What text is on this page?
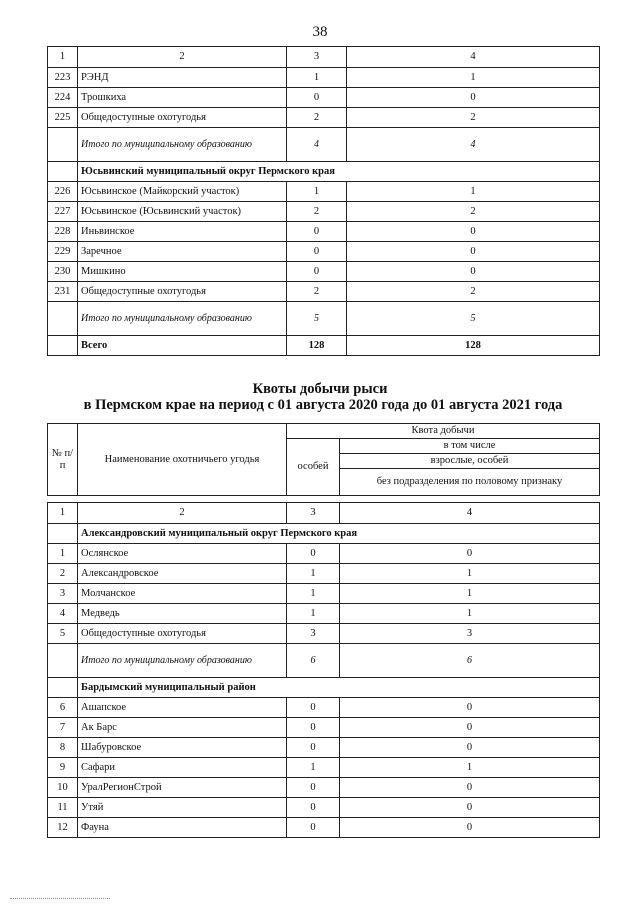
38
1	2	3	4
223	РЭНД	1	1
224	Трошкиха	0	0
225	Общедоступные охотугодья	2	2
	Итого по муниципальному образованию	4	4
	Юсьвинский муниципальный округ Пермского края		
226	Юсьвинское (Майкорский участок)	1	1
227	Юсьвинское (Юсьвинский участок)	2	2
228	Иньвинское	0	0
229	Заречное	0	0
230	Мишкино	0	0
231	Общедоступные охотугодья	2	2
	Итого по муниципальному образованию	5	5
	Всего	128	128
Квоты добычи рыси
в Пермском крае на период с 01 августа 2020 года до 01 августа 2021 года
№ п/п	Наименование охотничьего угодья	Квота добычи	
		особей	в том числе
			взрослые, особей
			без подразделения по половому признаку

1	2	3	4
	Александровский муниципальный округ Пермского края		
1	Ослянское	0	0
2	Александровское	1	1
3	Молчанское	1	1
4	Медведь	1	1
5	Общедоступные охотугодья	3	3
	Итого по муниципальному образованию	6	6
	Бардымский муниципальный район		
6	Ашапское	0	0
7	Ак Барс	0	0
8	Шабуровское	0	0
9	Сафари	1	1
10	УралРегионСтрой	0	0
11	Утяй	0	0
12	Фауна	0	0
